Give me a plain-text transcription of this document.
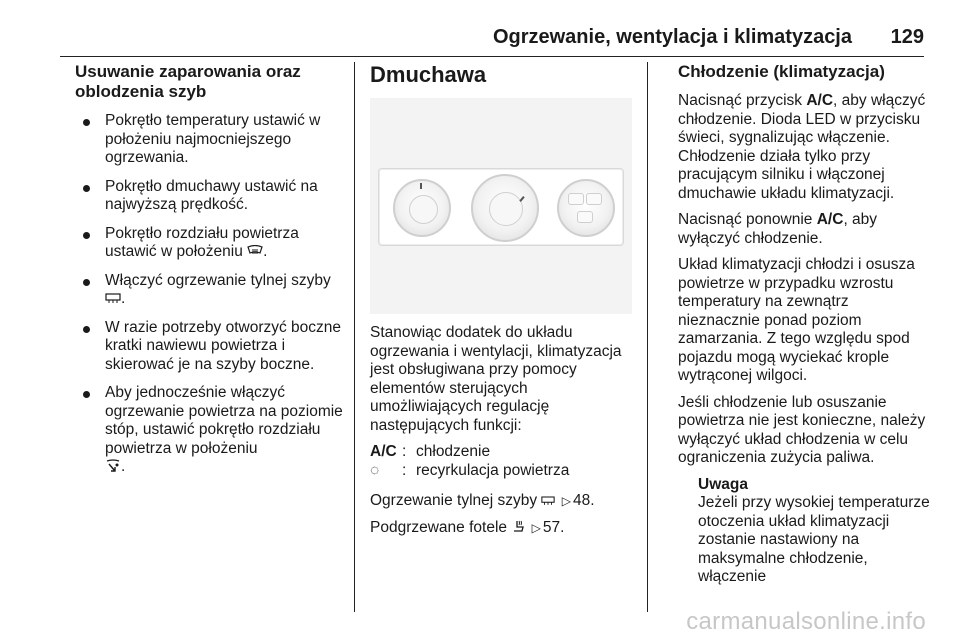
Ogrzewanie, wentylacja i klimatyzacja 129
Usuwanie zaparowania oraz oblodzenia szyb
Pokrętło temperatury ustawić w położeniu najmocniejszego ogrzewania.
Pokrętło dmuchawy ustawić na najwyższą prędkość.
Pokrętło rozdziału powietrza ustawić w położeniu .
Włączyć ogrzewanie tylnej szyby
.
W razie potrzeby otworzyć boczne kratki nawiewu powietrza i skierować je na szyby boczne.
Aby jednocześnie włączyć ogrzewanie powietrza na poziomie stóp, ustawić pokrętło rozdziału powietrza w położeniu
.
Dmuchawa

Stanowiąc dodatek do układu ogrzewania i wentylacji, klimatyzacja jest obsługiwana przy pomocy elementów sterujących umożliwiających regulację następujących funkcji:

A/C : chłodzenie
◌	: recyrkulacja powietrza

Ogrzewanie tylnej szyby ▷ 48.

Podgrzewane fotele ▷ 57.

Chłodzenie (klimatyzacja)

Nacisnąć przycisk A/C, aby włączyć chłodzenie. Dioda LED w przycisku świeci, sygnalizując włączenie. Chłodzenie działa tylko przy pracującym silniku i włączonej dmuchawie układu klimatyzacji.

Nacisnąć ponownie A/C, aby wyłączyć chłodzenie.

Układ klimatyzacji chłodzi i osusza powietrze w przypadku wzrostu temperatury na zewnątrz nieznacznie ponad poziom zamarzania. Z tego względu spod pojazdu mogą wyciekać krople wytrąconej wilgoci.

Jeśli chłodzenie lub osuszanie powietrza nie jest konieczne, należy wyłączyć układ chłodzenia w celu ograniczenia zużycia paliwa.

Uwaga
Jeżeli przy wysokiej temperaturze otoczenia układ klimatyzacji zostanie nastawiony na maksymalne chłodzenie, włączenie
carmanualsonline.info
